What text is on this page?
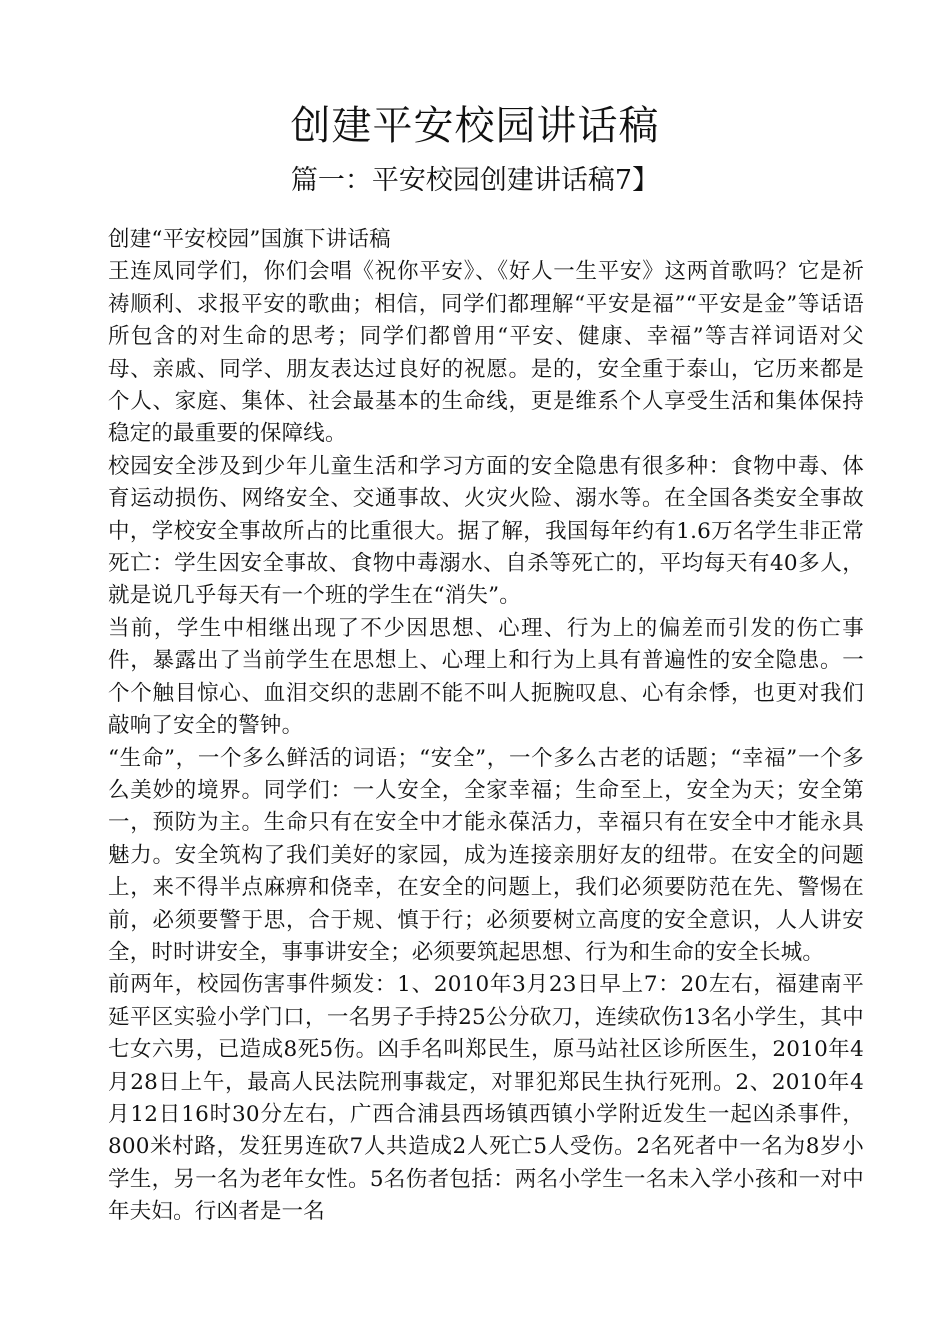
创建平安校园讲话稿
篇一：平安校园创建讲话稿7】

创建“平安校园”国旗下讲话稿

王连凤同学们，你们会唱《祝你平安》、《好人一生平安》这两首歌吗？它是祈祷顺利、求报平安的歌曲；相信，同学们都理解“平安是福”“平安是金”等话语所包含的对生命的思考；同学们都曾用“平安、健康、幸福”等吉祥词语对父母、亲戚、同学、朋友表达过良好的祝愿。是的，安全重于泰山，它历来都是个人、家庭、集体、社会最基本的生命线，更是维系个人享受生活和集体保持稳定的最重要的保障线。

校园安全涉及到少年儿童生活和学习方面的安全隐患有很多种：食物中毒、体育运动损伤、网络安全、交通事故、火灾火险、溺水等。在全国各类安全事故中，学校安全事故所占的比重很大。据了解，我国每年约有1.6万名学生非正常死亡：学生因安全事故、食物中毒溺水、自杀等死亡的，平均每天有40多人，就是说几乎每天有一个班的学生在“消失”。

当前，学生中相继出现了不少因思想、心理、行为上的偏差而引发的伤亡事件，暴露出了当前学生在思想上、心理上和行为上具有普遍性的安全隐患。一个个触目惊心、血泪交织的悲剧不能不叫人扼腕叹息、心有余悸，也更对我们敲响了安全的警钟。

“生命”，一个多么鲜活的词语；“安全”，一个多么古老的话题；“幸福”一个多么美妙的境界。同学们：一人安全，全家幸福；生命至上，安全为天；安全第一，预防为主。生命只有在安全中才能永葆活力，幸福只有在安全中才能永具魅力。安全筑构了我们美好的家园，成为连接亲朋好友的纽带。在安全的问题上，来不得半点麻痹和侥幸，在安全的问题上，我们必须要防范在先、警惕在前，必须要警于思，合于规、慎于行；必须要树立高度的安全意识，人人讲安全，时时讲安全，事事讲安全；必须要筑起思想、行为和生命的安全长城。

前两年，校园伤害事件频发：1、2010年3月23日早上7：20左右，福建南平延平区实验小学门口，一名男子手持25公分砍刀，连续砍伤13名小学生，其中七女六男，已造成8死5伤。凶手名叫郑民生，原马站社区诊所医生，2010年4月28日上午，最高人民法院刑事裁定，对罪犯郑民生执行死刑。2、2010年4月12日16时30分左右，广西合浦县西场镇西镇小学附近发生一起凶杀事件，800米村路，发狂男连砍7人共造成2人死亡5人受伤。2名死者中一名为8岁小学生，另一名为老年女性。5名伤者包括：两名小学生一名未入学小孩和一对中年夫妇。行凶者是一名
